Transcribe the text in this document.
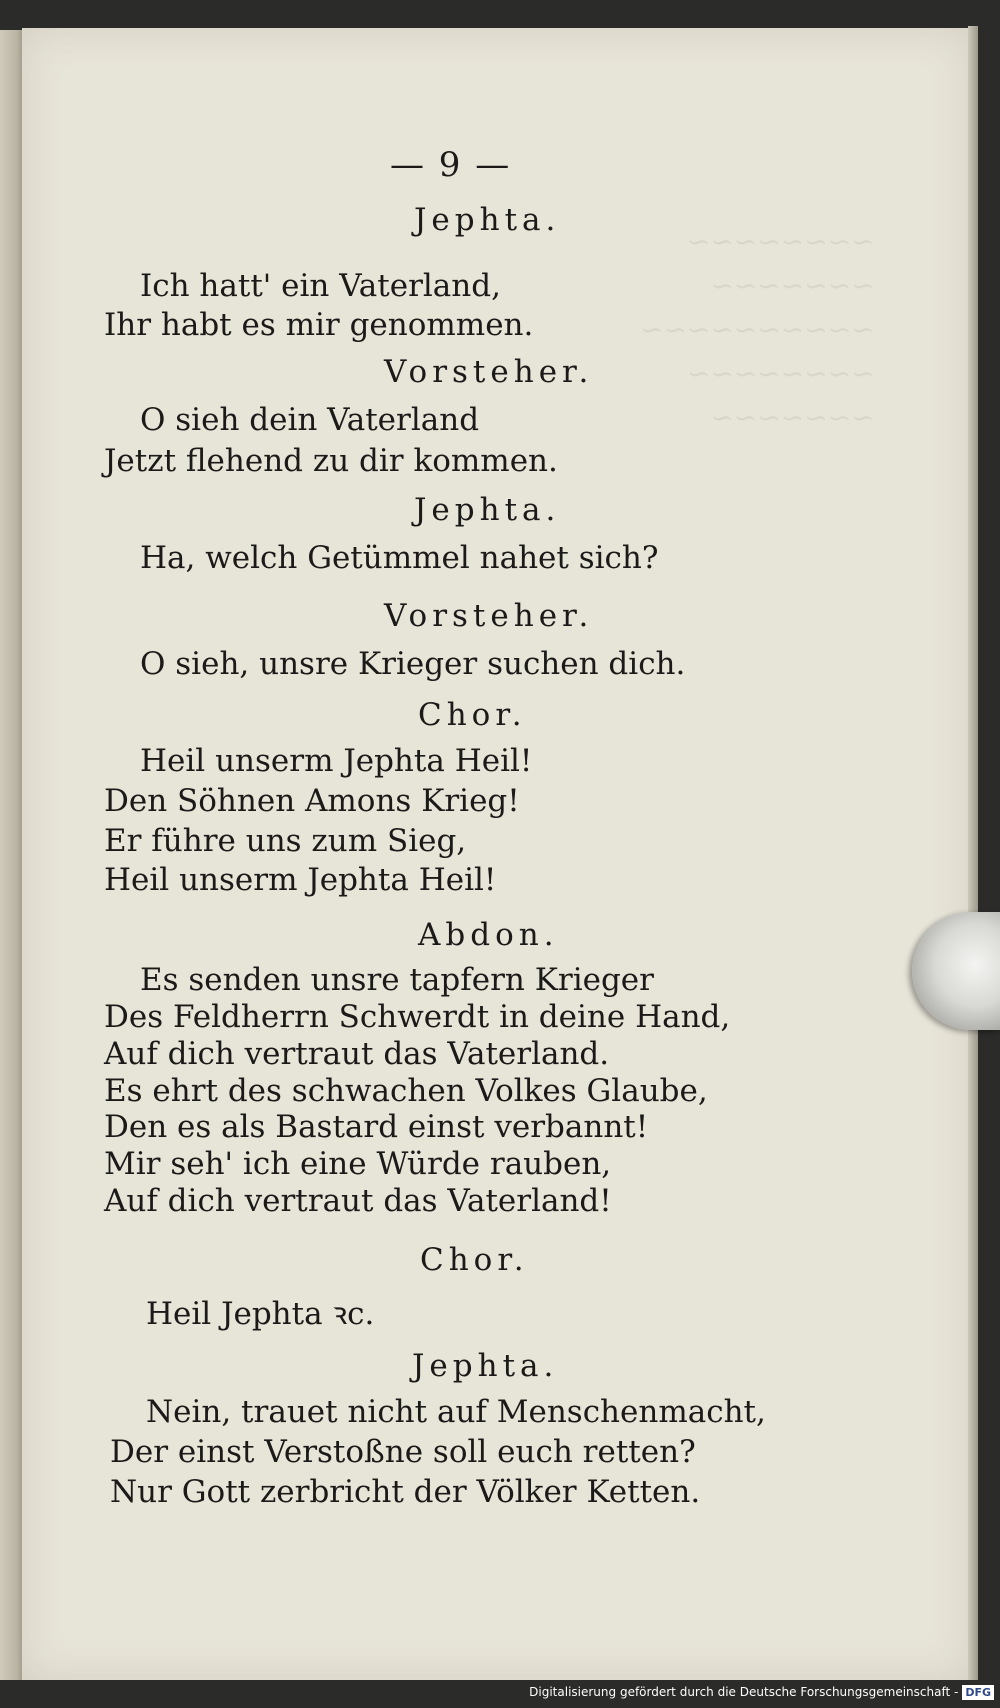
~~~~~~~~
~~~~~~~
~~~~~~~~~~
~~~~~~~~
~~~~~~~
— 9 —
Jephta.
Ich hatt' ein Vaterland,
Ihr habt es mir genommen.
Vorsteher.
O sieh dein Vaterland
Jetzt flehend zu dir kommen.
Jephta.
Ha, welch Getümmel nahet sich?
Vorsteher.
O sieh, unsre Krieger suchen dich.
Chor.
Heil unserm Jephta Heil!
Den Söhnen Amons Krieg!
Er führe uns zum Sieg,
Heil unserm Jephta Heil!
Abdon.
Es senden unsre tapfern Krieger
Des Feldherrn Schwerdt in deine Hand,
Auf dich vertraut das Vaterland.
Es ehrt des schwachen Volkes Glaube,
Den es als Bastard einst verbannt!
Mir seh' ich eine Würde rauben,
Auf dich vertraut das Vaterland!
Chor.
Heil Jephta ꝛc.
Jephta.
Nein, trauet nicht auf Menschenmacht,
Der einst Verstoßne soll euch retten?
Nur Gott zerbricht der Völker Ketten.
Digitalisierung gefördert durch die Deutsche Forschungsgemeinschaft - DFG
